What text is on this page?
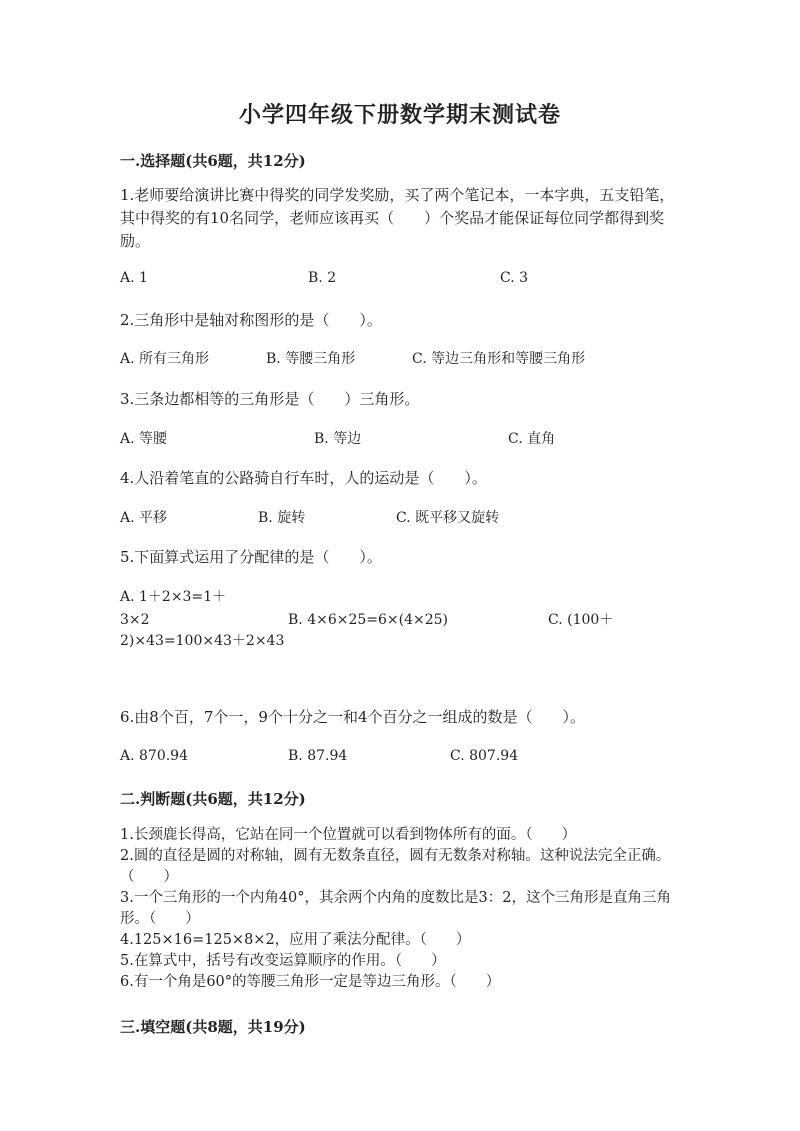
小学四年级下册数学期末测试卷
一.选择题(共6题，共12分)
1.老师要给演讲比赛中得奖的同学发奖励，买了两个笔记本，一本字典，五支铅笔，其中得奖的有10名同学，老师应该再买（　　）个奖品才能保证每位同学都得到奖励。
A. 1	B. 2	C. 3
2.三角形中是轴对称图形的是（　　）。
A. 所有三角形	B. 等腰三角形	C. 等边三角形和等腰三角形
3.三条边都相等的三角形是（　　）三角形。
A. 等腰	B. 等边	C. 直角
4.人沿着笔直的公路骑自行车时，人的运动是（　　）。
A. 平移	B. 旋转	C. 既平移又旋转
5.下面算式运用了分配律的是（　　）。
A. 1＋2×3=1＋
3×2	B. 4×6×25=6×(4×25)	C. (100＋
2)×43=100×43＋2×43
6.由8个百，7个一，9个十分之一和4个百分之一组成的数是（　　）。
A. 870.94	B. 87.94	C. 807.94
二.判断题(共6题，共12分)
1.长颈鹿长得高，它站在同一个位置就可以看到物体所有的面。（　　）
2.圆的直径是圆的对称轴，圆有无数条直径，圆有无数条对称轴。这种说法完全正确。（　　）
3.一个三角形的一个内角40°，其余两个内角的度数比是3：2，这个三角形是直角三角形。（　　）
4.125×16=125×8×2，应用了乘法分配律。（　　）
5.在算式中，括号有改变运算顺序的作用。（　　）
6.有一个角是60°的等腰三角形一定是等边三角形。（　　）
三.填空题(共8题，共19分)
